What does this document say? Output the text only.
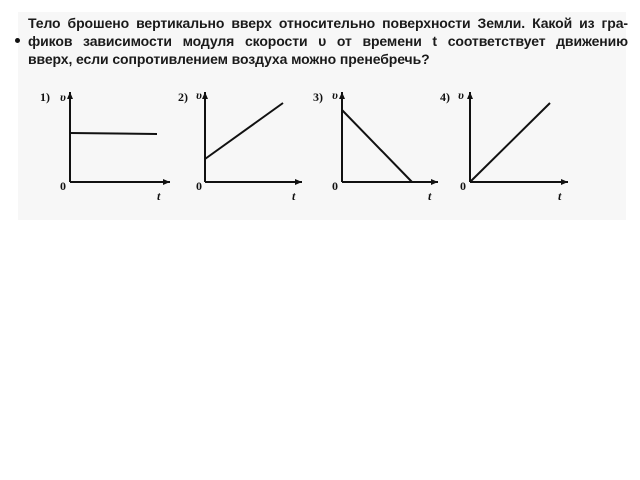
Тело брошено вертикально вверх относительно поверхности Земли. Какой из гра-
фиков зависимости модуля скорости υ от времени t соответствует движению
вверх, если сопротивлением воздуха можно пренебречь?
1) υ
0
t
2) υ
0
t
3) υ
0
t
4) υ
0
t
